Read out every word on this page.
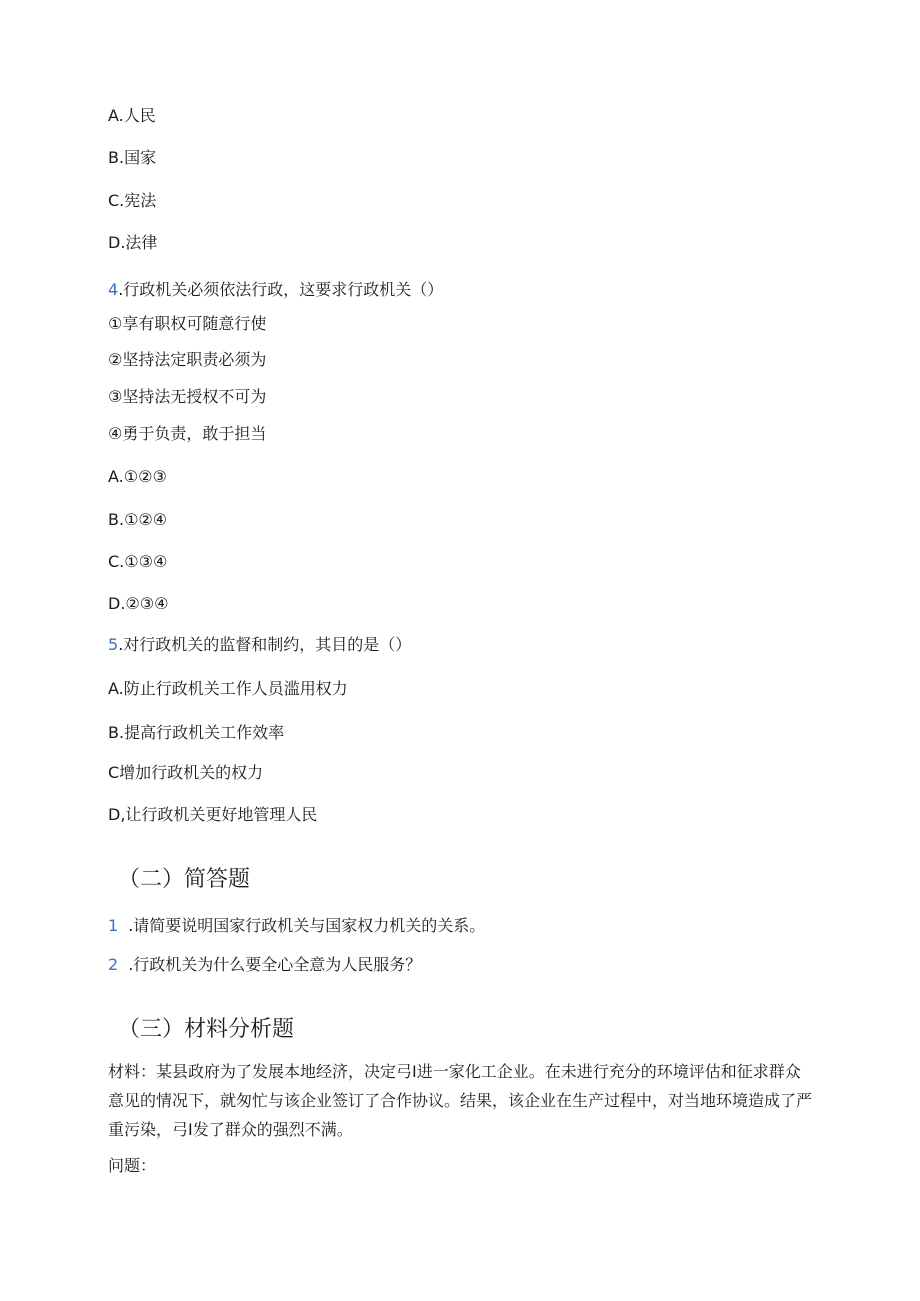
A.人民
B.国家
C.宪法
D.法律
4.行政机关必须依法行政，这要求行政机关（）
①享有职权可随意行使
②坚持法定职责必须为
③坚持法无授权不可为
④勇于负责，敢于担当
A.①②③
B.①②④
C.①③④
D.②③④
5.对行政机关的监督和制约，其目的是（）
A.防止行政机关工作人员滥用权力
B.提高行政机关工作效率
C增加行政机关的权力
D,让行政机关更好地管理人民
（二）简答题
1 .请简要说明国家行政机关与国家权力机关的关系。
2 .行政机关为什么要全心全意为人民服务？
（三）材料分析题
材料：某县政府为了发展本地经济，决定弓I进一家化工企业。在未进行充分的环境评估和征求群众意见的情况下，就匆忙与该企业签订了合作协议。结果，该企业在生产过程中，对当地环境造成了严重污染，弓I发了群众的强烈不满。
问题：
